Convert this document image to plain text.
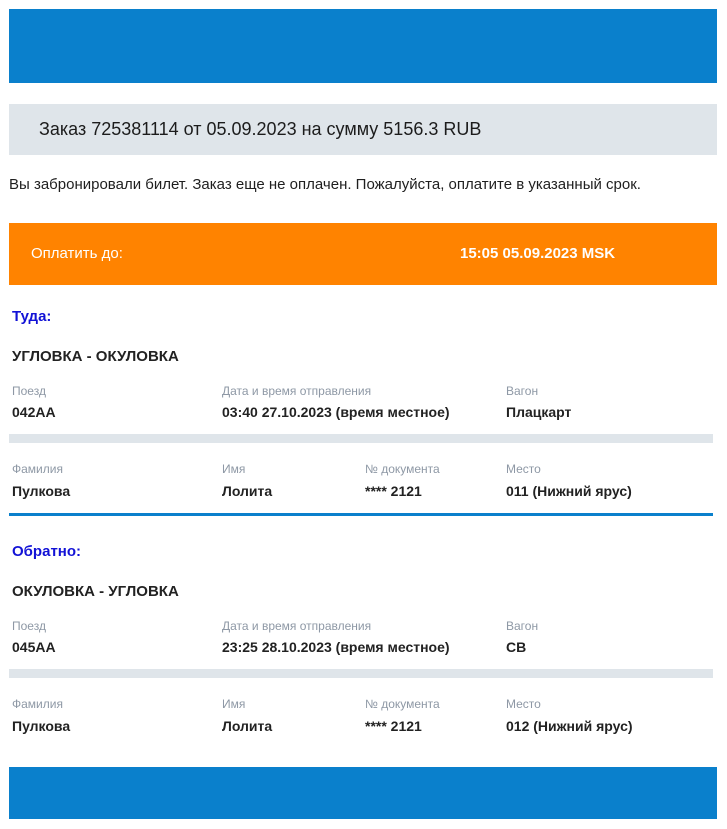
Заказ 725381114 от 05.09.2023 на сумму 5156.3 RUB
Вы забронировали билет. Заказ еще не оплачен. Пожалуйста, оплатите в указанный срок.
Оплатить до:	15:05 05.09.2023 MSK
Туда:
УГЛОВКА - ОКУЛОВКА
Поезд	Дата и время отправления	Вагон
042АА	03:40 27.10.2023 (время местное)	Плацкарт
Фамилия	Имя	№ документа	Место
Пулкова	Лолита	**** 2121	011 (Нижний ярус)
Обратно:
ОКУЛОВКА - УГЛОВКА
Поезд	Дата и время отправления	Вагон
045АА	23:25 28.10.2023 (время местное)	СВ
Фамилия	Имя	№ документа	Место
Пулкова	Лолита	**** 2121	012 (Нижний ярус)
